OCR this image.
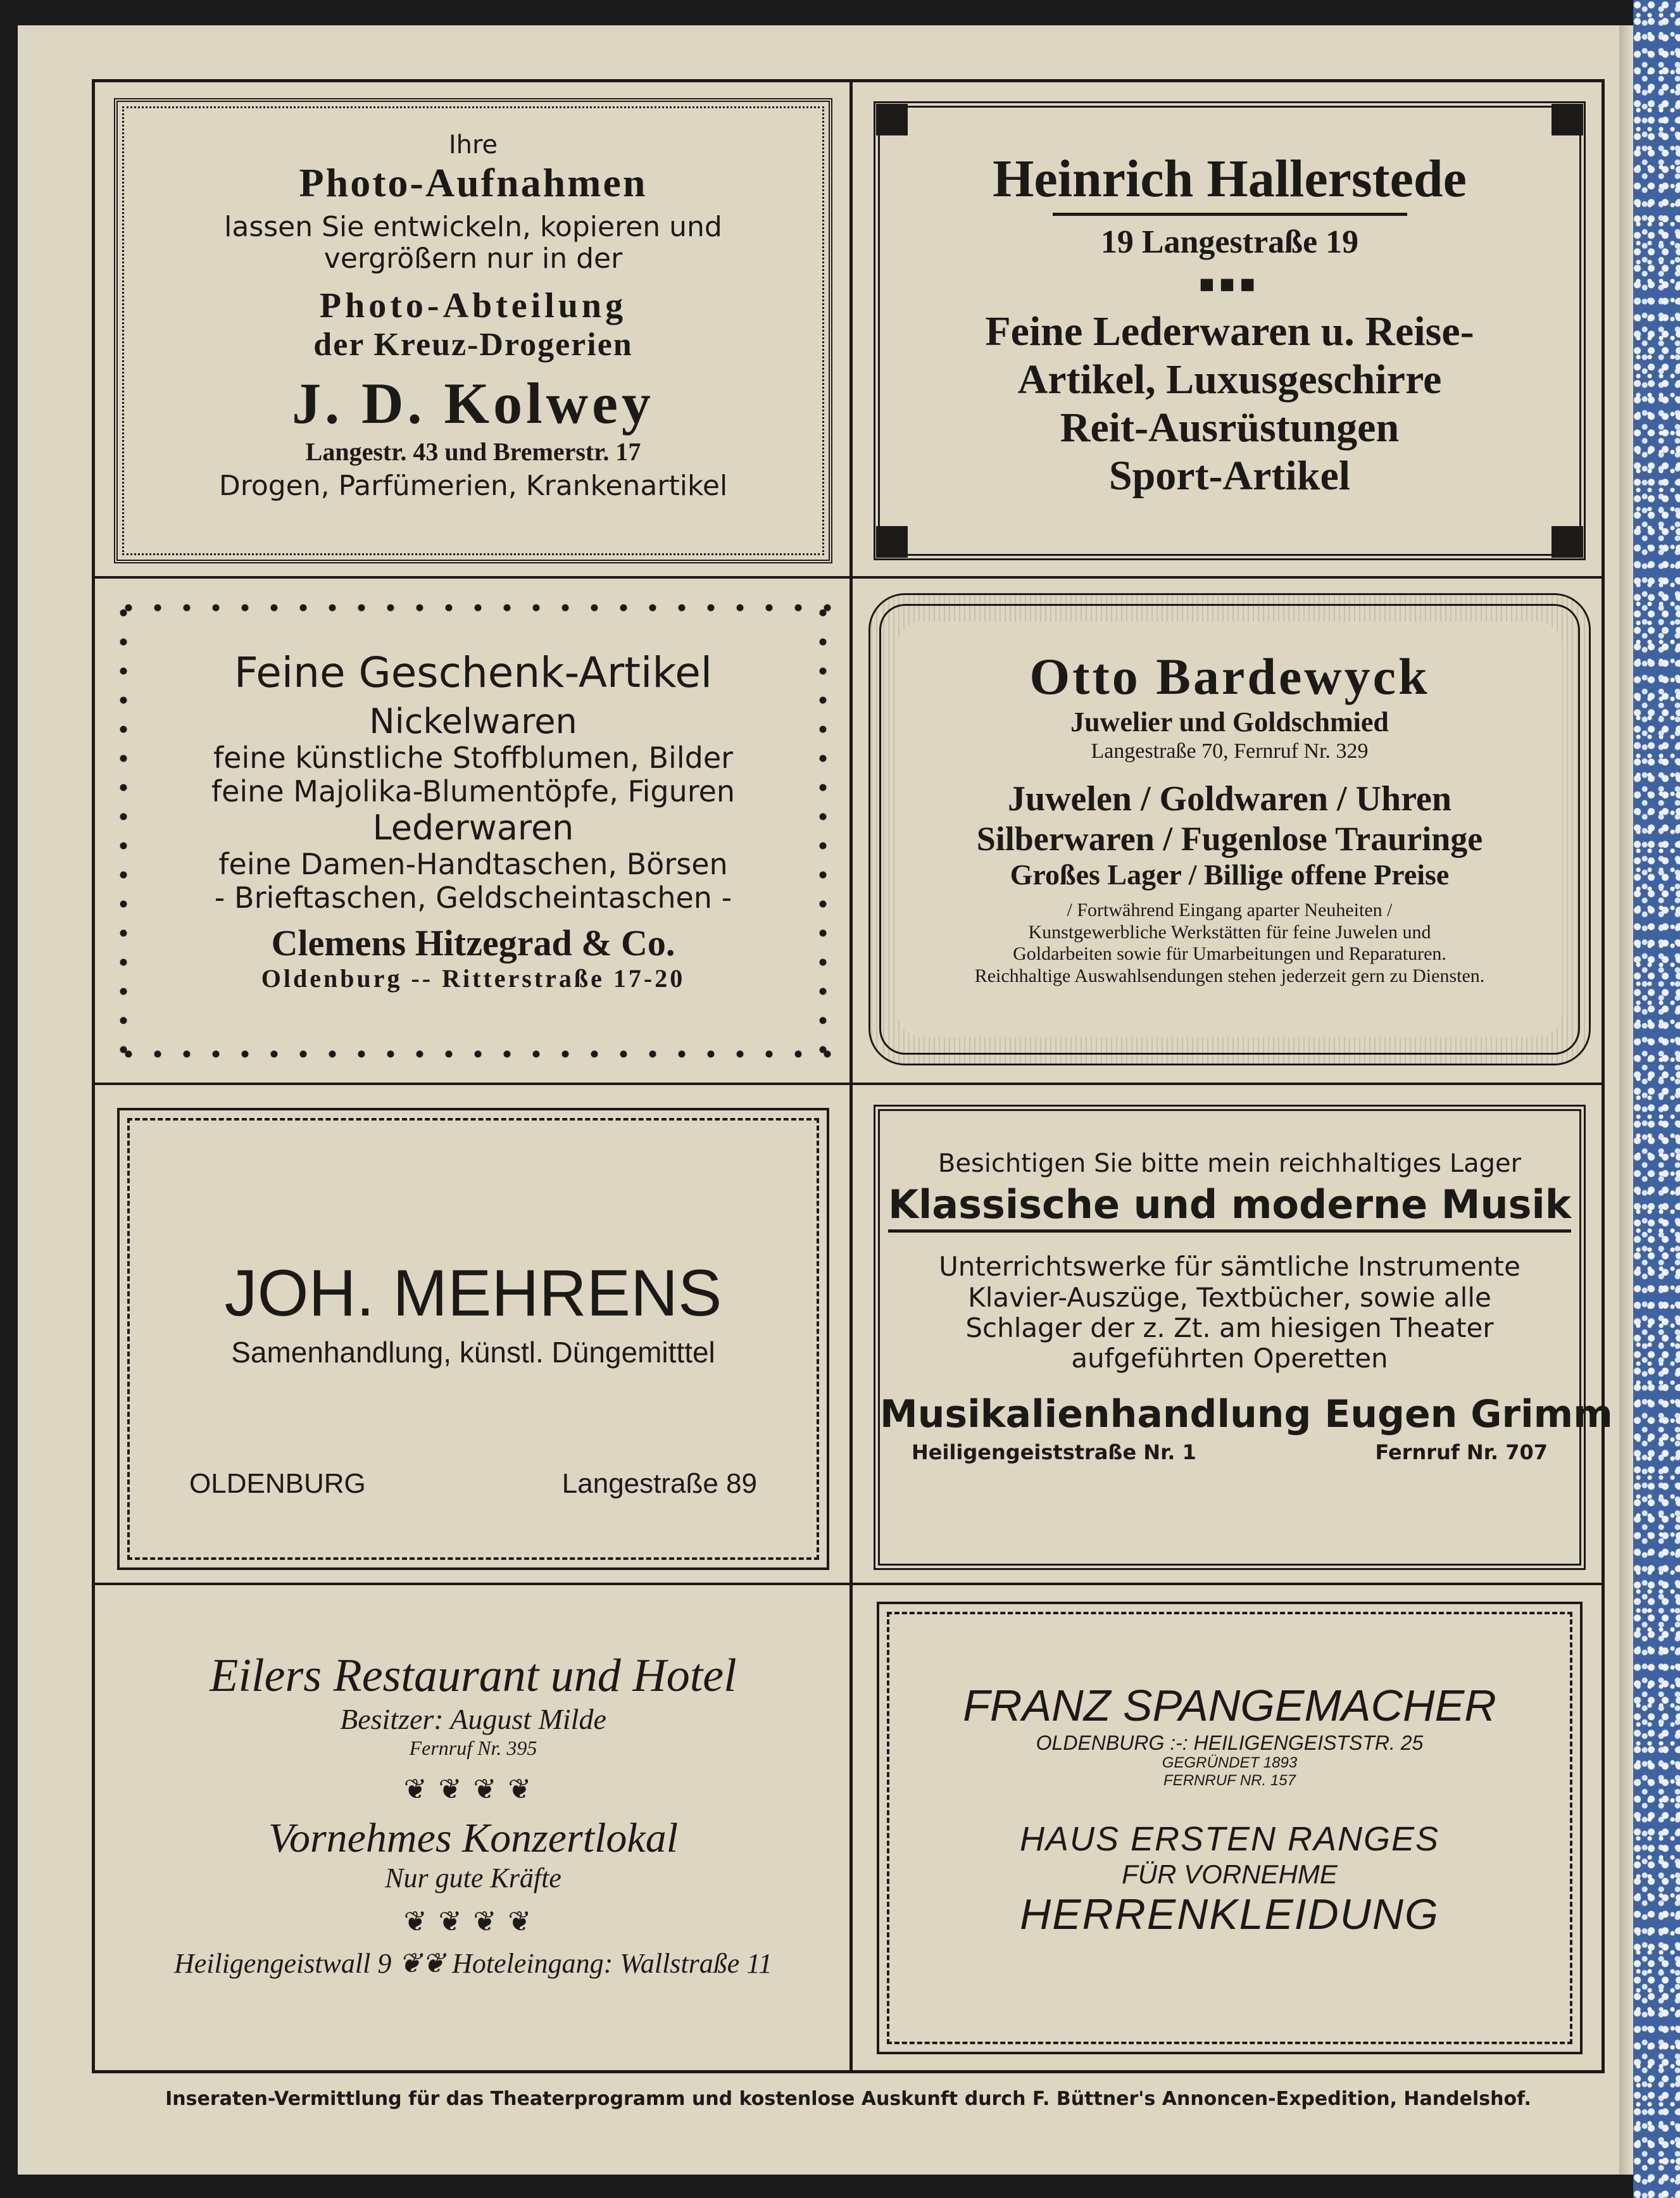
Ihre
Photo-Aufnahmen
lassen Sie entwickeln, kopieren und
vergrößern nur in der
Photo-Abteilung
der Kreuz-Drogerien
J. D. Kolwey
Langestr. 43 und Bremerstr. 17
Drogen, Parfümerien, Krankenartikel
Heinrich Hallerstede
19 Langestraße 19
■■■
Feine Lederwaren u. Reise-
Artikel, Luxusgeschirre
Reit-Ausrüstungen
Sport-Artikel
Feine Geschenk-Artikel
Nickelwaren
feine künstliche Stoffblumen, Bilder
feine Majolika-Blumentöpfe, Figuren
Lederwaren
feine Damen-Handtaschen, Börsen
- Brieftaschen, Geldscheintaschen -
Clemens Hitzegrad & Co.
Oldenburg -- Ritterstraße 17-20
Otto Bardewyck
Juwelier und Goldschmied
Langestraße 70, Fernruf Nr. 329
Juwelen / Goldwaren / Uhren
Silberwaren / Fugenlose Trauringe
Großes Lager / Billige offene Preise
/ Fortwährend Eingang aparter Neuheiten /
Kunstgewerbliche Werkstätten für feine Juwelen und
Goldarbeiten sowie für Umarbeitungen und Reparaturen.
Reichhaltige Auswahlsendungen stehen jederzeit gern zu Diensten.
JOH. MEHRENS
Samenhandlung, künstl. Düngemitttel
OLDENBURG	Langestraße 89
Besichtigen Sie bitte mein reichhaltiges Lager
Klassische und moderne Musik
Unterrichtswerke für sämtliche Instrumente
Klavier-Auszüge, Textbücher, sowie alle
Schlager der z. Zt. am hiesigen Theater
aufgeführten Operetten
Musikalienhandlung Eugen Grimm
Heiligengeiststraße Nr. 1	Fernruf Nr. 707
Eilers Restaurant und Hotel
Besitzer: August Milde
Fernruf Nr. 395
❦❦❦❦
Vornehmes Konzertlokal
Nur gute Kräfte
❦❦❦❦
Heiligengeistwall 9 ❦❦ Hoteleingang: Wallstraße 11
FRANZ SPANGEMACHER
OLDENBURG :-: HEILIGENGEISTSTR. 25
GEGRÜNDET 1893
FERNRUF NR. 157
HAUS ERSTEN RANGES
FÜR VORNEHME
HERRENKLEIDUNG
Inseraten-Vermittlung für das Theaterprogramm und kostenlose Auskunft durch F. Büttner's Annoncen-Expedition, Handelshof.
